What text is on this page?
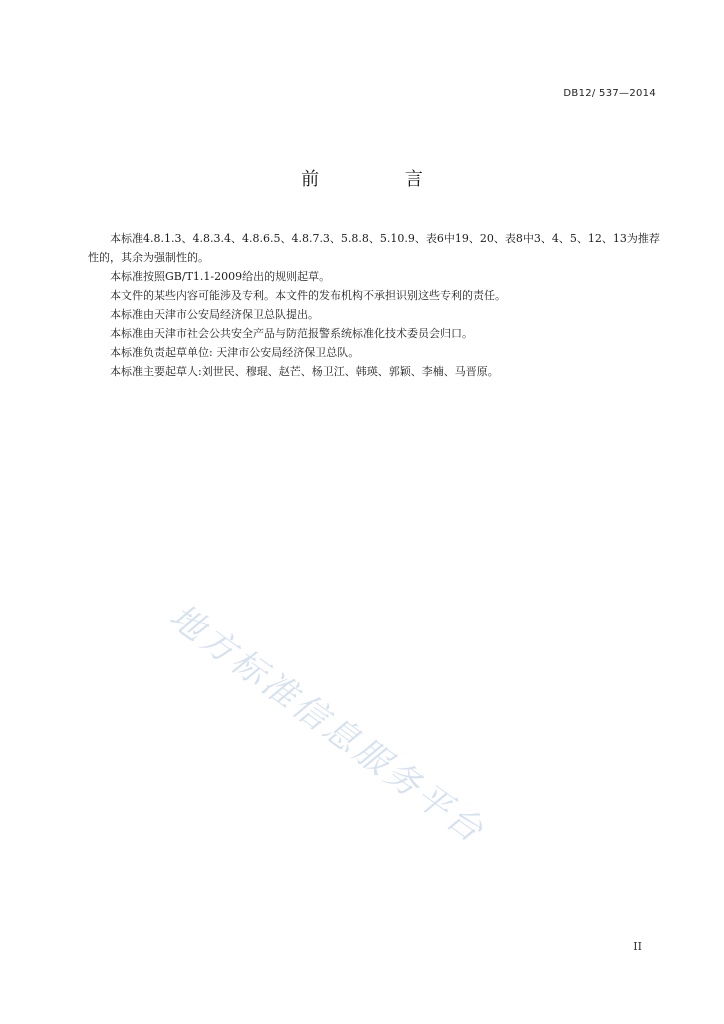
DB12/ 537—2014
前 言

本标准4.8.1.3、4.8.3.4、4.8.6.5、4.8.7.3、5.8.8、5.10.9、表6中19、20、表8中3、4、5、12、13为推荐性的，其余为强制性的。

本标准按照GB/T1.1-2009给出的规则起草。

本文件的某些内容可能涉及专利。本文件的发布机构不承担识别这些专利的责任。

本标准由天津市公安局经济保卫总队提出。

本标准由天津市社会公共安全产品与防范报警系统标准化技术委员会归口。

本标准负责起草单位: 天津市公安局经济保卫总队。

本标准主要起草人:刘世民、穆琨、赵芒、杨卫江、韩瑛、郭颖、李楠、马晋原。

地方标准信息服务平台
II
